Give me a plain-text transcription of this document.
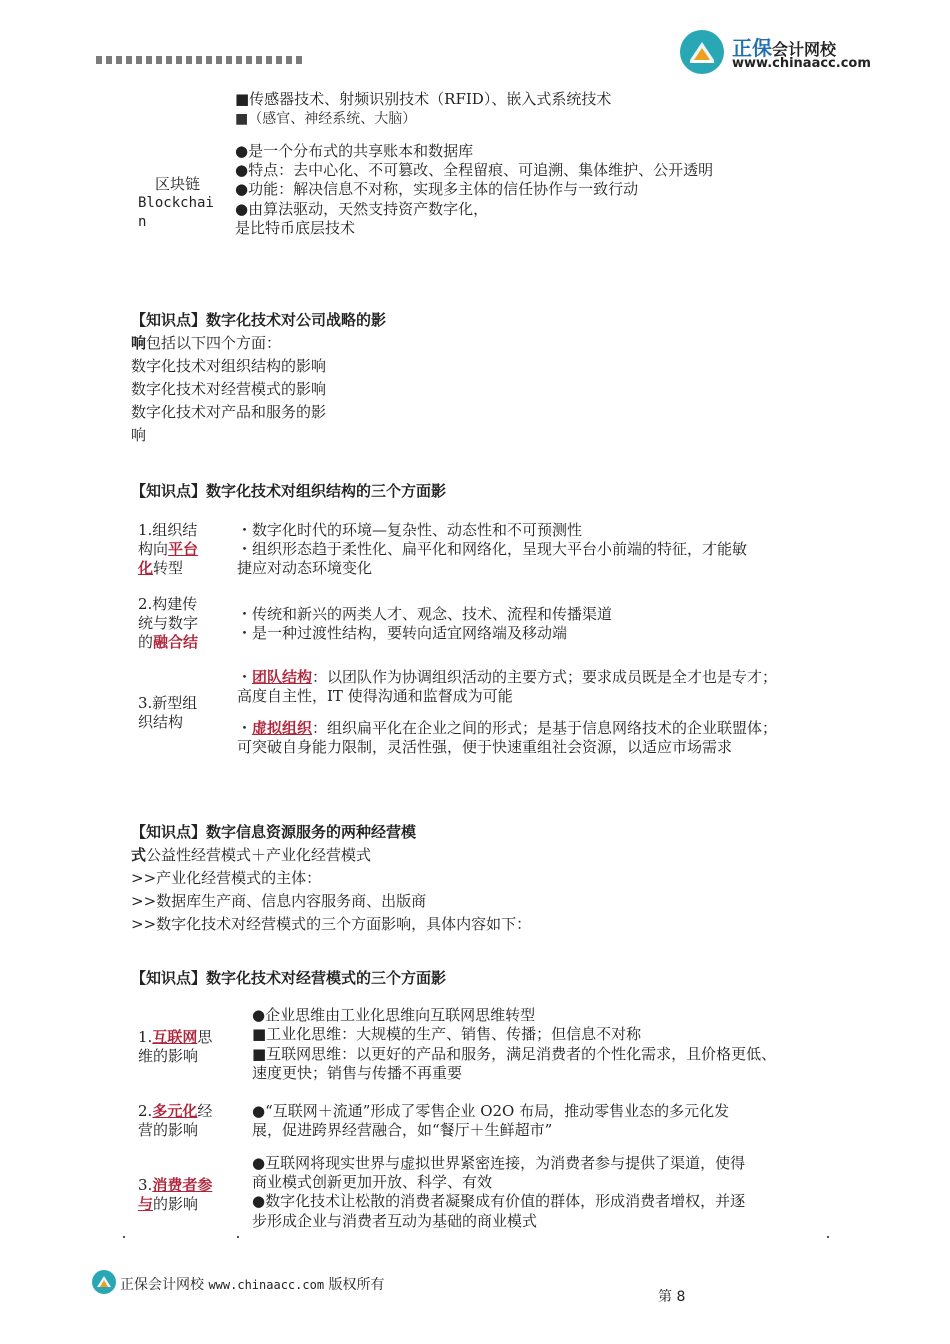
正保会计网校
www.chinaacc.com
■传感器技术、射频识别技术（RFID）、嵌入式系统技术
■（感官、神经系统、大脑）
区块链
Blockchai
n
●是一个分布式的共享账本和数据库
●特点：去中心化、不可篡改、全程留痕、可追溯、集体维护、公开透明
●功能：解决信息不对称，实现多主体的信任协作与一致行动
●由算法驱动，天然支持资产数字化，
是比特币底层技术
【知识点】数字化技术对公司战略的影
响包括以下四个方面：
数字化技术对组织结构的影响
数字化技术对经营模式的影响
数字化技术对产品和服务的影
响
【知识点】数字化技术对组织结构的三个方面影
1.组织结
构向平台
化转型
・数字化时代的环境—复杂性、动态性和不可预测性
・组织形态趋于柔性化、扁平化和网络化，呈现大平台小前端的特征，才能敏
捷应对动态环境变化
2.构建传
统与数字
的融合结
・传统和新兴的两类人才、观念、技术、流程和传播渠道
・是一种过渡性结构，要转向适宜网络端及移动端
3.新型组
织结构
・团队结构：以团队作为协调组织活动的主要方式；要求成员既是全才也是专才；
高度自主性，IT 使得沟通和监督成为可能
・虚拟组织：组织扁平化在企业之间的形式；是基于信息网络技术的企业联盟体；
可突破自身能力限制，灵活性强，便于快速重组社会资源，以适应市场需求
【知识点】数字信息资源服务的两种经营模
式公益性经营模式＋产业化经营模式
>>产业化经营模式的主体：
>>数据库生产商、信息内容服务商、出版商
>>数字化技术对经营模式的三个方面影响，具体内容如下：
【知识点】数字化技术对经营模式的三个方面影
1.互联网思
维的影响
●企业思维由工业化思维向互联网思维转型
■工业化思维：大规模的生产、销售、传播；但信息不对称
■互联网思维：以更好的产品和服务，满足消费者的个性化需求，且价格更低、
速度更快；销售与传播不再重要
2.多元化经
营的影响
●“互联网＋流通”形成了零售企业 O2O 布局，推动零售业态的多元化发
展，促进跨界经营融合，如“餐厅＋生鲜超市”
3.消费者参
与的影响
●互联网将现实世界与虚拟世界紧密连接，为消费者参与提供了渠道，使得
商业模式创新更加开放、科学、有效
●数字化技术让松散的消费者凝聚成有价值的群体，形成消费者增权，并逐
步形成企业与消费者互动为基础的商业模式
正保会计网校 www.chinaacc.com 版权所有
第 8
